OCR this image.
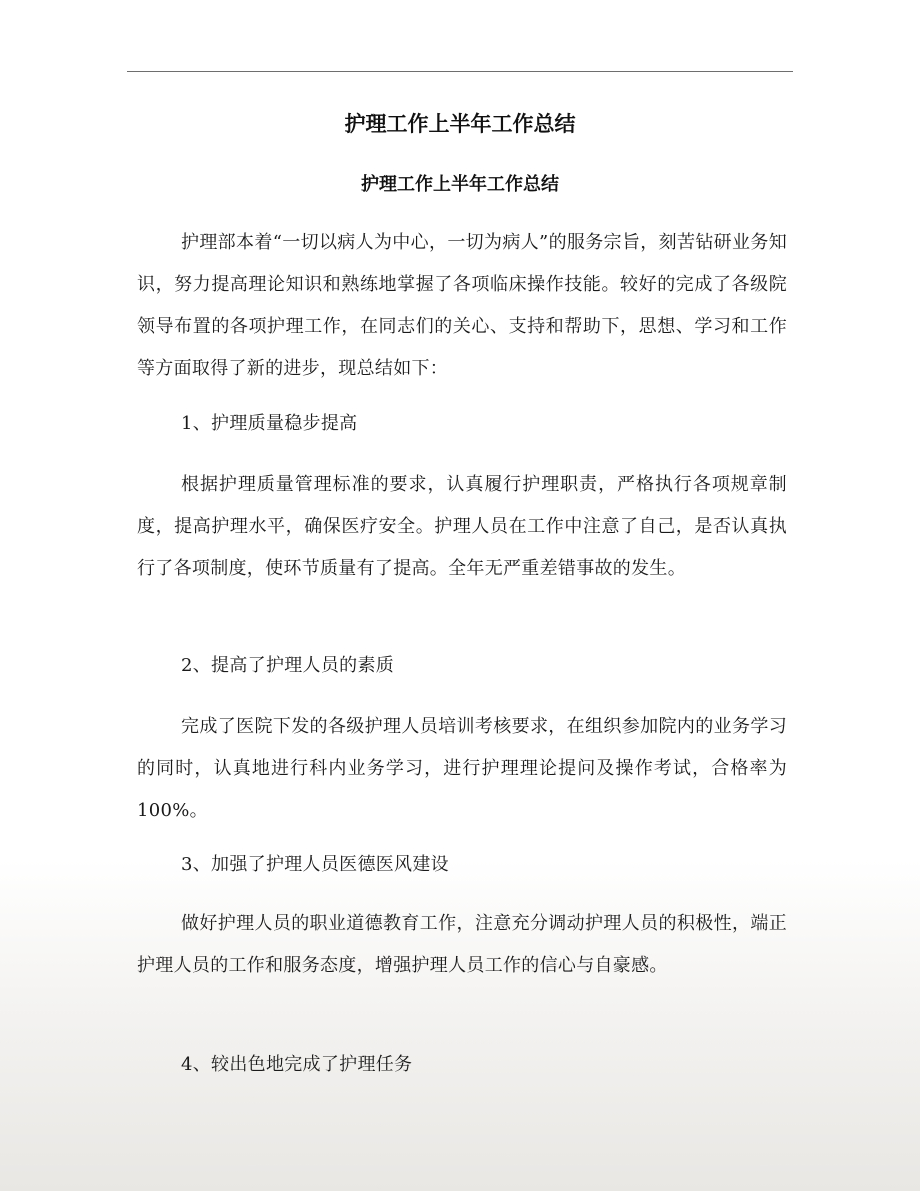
护理工作上半年工作总结
护理工作上半年工作总结

护理部本着“一切以病人为中心，一切为病人”的服务宗旨，刻苦钻研业务知识，努力提高理论知识和熟练地掌握了各项临床操作技能。较好的完成了各级院领导布置的各项护理工作，在同志们的关心、支持和帮助下，思想、学习和工作等方面取得了新的进步，现总结如下：

1、护理质量稳步提高

根据护理质量管理标准的要求，认真履行护理职责，严格执行各项规章制度，提高护理水平，确保医疗安全。护理人员在工作中注意了自己，是否认真执行了各项制度，使环节质量有了提高。全年无严重差错事故的发生。

2、提高了护理人员的素质

完成了医院下发的各级护理人员培训考核要求，在组织参加院内的业务学习的同时，认真地进行科内业务学习，进行护理理论提问及操作考试，合格率为100%。

3、加强了护理人员医德医风建设

做好护理人员的职业道德教育工作，注意充分调动护理人员的积极性，端正护理人员的工作和服务态度，增强护理人员工作的信心与自豪感。

4、较出色地完成了护理任务
